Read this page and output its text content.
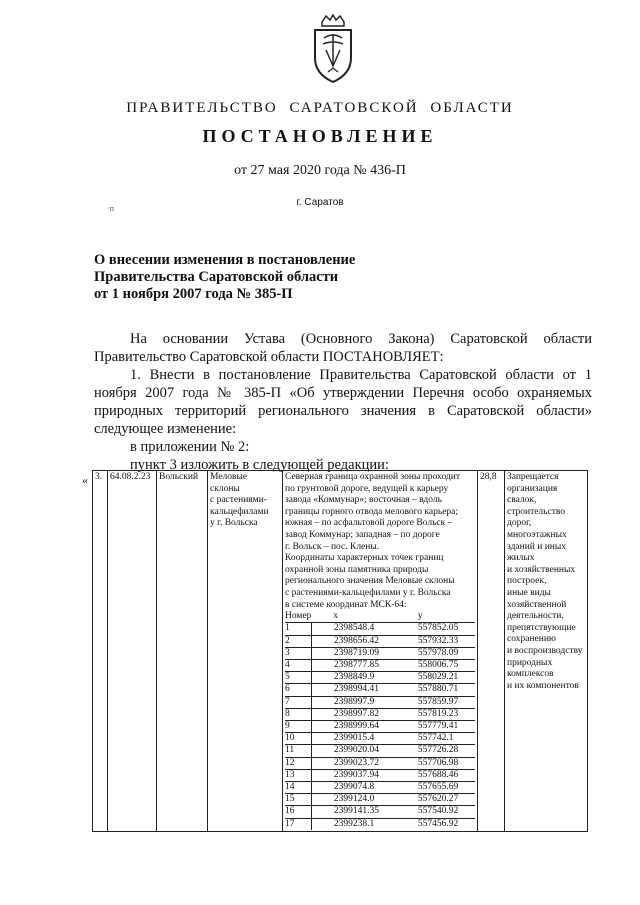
ПРАВИТЕЛЬСТВО САРАТОВСКОЙ ОБЛАСТИ
ПОСТАНОВЛЕНИЕ
от 27 мая 2020 года № 436-П
·п
г. Саратов
О внесении изменения в постановление
Правительства Саратовской области
от 1 ноября 2007 года № 385-П

На основании Устава (Основного Закона) Саратовской области Правительство Саратовской области ПОСТАНОВЛЯЕТ:

1. Внести в постановление Правительства Саратовской области от 1 ноября 2007 года № 385-П «Об утверждении Перечня особо охраняемых природных территорий регионального значения в Саратовской области» следующее изменение:

в приложении № 2:

пункт 3 изложить в следующей редакции:

« 3.	64.08.2.23	Вольский	Меловые
склоны
с растениями-
кальцефилами
у г. Вольска

Северная граница охранной зоны проходит
по грунтовой дороге, ведущей к карьеру
завода «Коммунар»; восточная – вдоль
границы горного отвода мелового карьера;
южная – по асфальтовой дороге Вольск –
завод Коммунар; западная – по дороге
г. Вольск – пос. Клены.
Координаты характерных точек границ
охранной зоны памятника природы
регионального значения Меловые склоны
с растениями-кальцефилами у г. Вольска
в системе координат МСК-64:
Номер	x	y
1	2398548.4	557852.05
2	2398656.42	557932.33
3	2398719.09	557978.09
4	2398777.85	558006.75
5	2398849.9	558029.21
6	2398994.41	557880.71
7	2398997.9	557859.97
8	2398997.82	557819.23
9	2398999.64	557779.41
10	2399015.4	557742.1
11	2399020.04	557726.28
12	2399023.72	557706.98
13	2399037.94	557688.46
14	2399074.8	557655.69
15	2399124.0	557620.27
16	2399141.35	557540.92
17	2399238.1	557456.92
	28,8	Запрещается
организация
свалок,
строительство
дорог,
многоэтажных
зданий и иных
жилых
и хозяйственных
построек,
иные виды
хозяйственной
деятельности,
препятствующие
сохранению
и воспроизводству
природных
комплексов
и их компонентов
